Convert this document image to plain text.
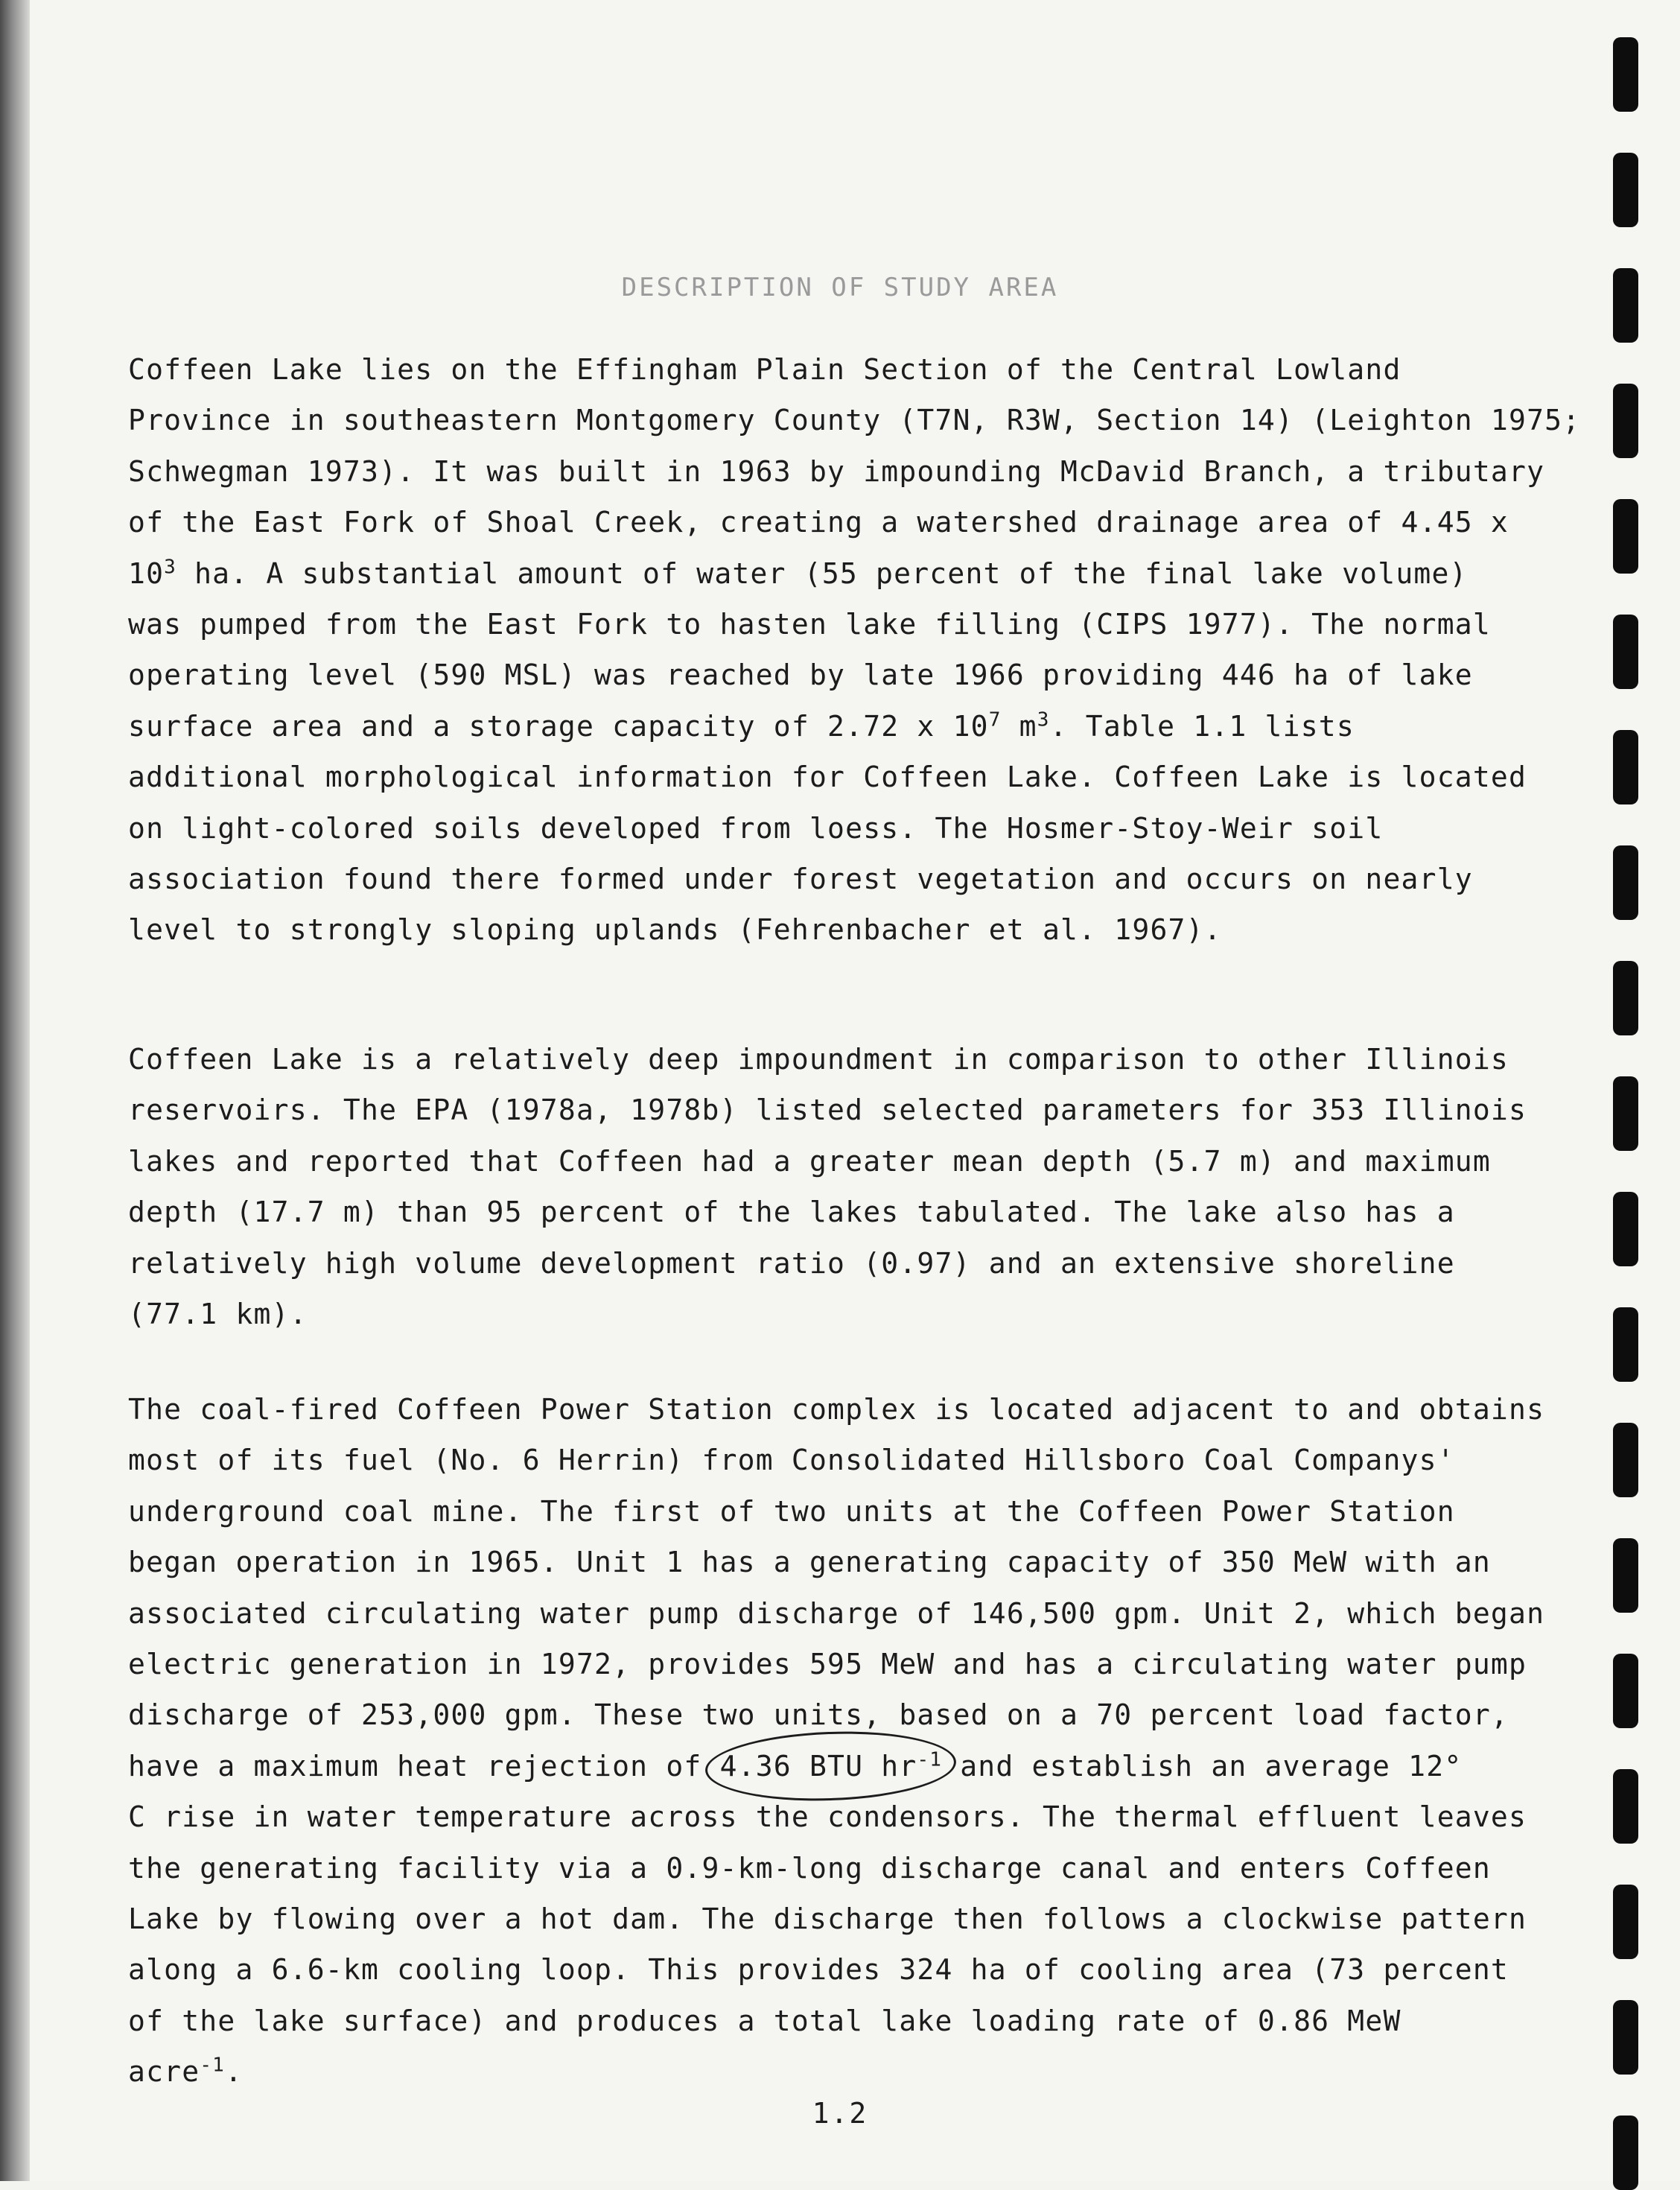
DESCRIPTION OF STUDY AREA

Coffeen Lake lies on the Effingham Plain Section of the Central Lowland
Province in southeastern Montgomery County (T7N, R3W, Section 14) (Leighton 1975;
Schwegman 1973). It was built in 1963 by impounding McDavid Branch, a tributary
of the East Fork of Shoal Creek, creating a watershed drainage area of 4.45 x
$10^3$ ha. A substantial amount of water (55 percent of the final lake volume)
was pumped from the East Fork to hasten lake filling (CIPS 1977). The normal
operating level (590 MSL) was reached by late 1966 providing 446 ha of lake
surface area and a storage capacity of 2.72 x $10^7$ $m^3$. Table 1.1 lists
additional morphological information for Coffeen Lake. Coffeen Lake is located
on light-colored soils developed from loess. The Hosmer-Stoy-Weir soil
association found there formed under forest vegetation and occurs on nearly
level to strongly sloping uplands (Fehrenbacher et al. 1967).

Coffeen Lake is a relatively deep impoundment in comparison to other Illinois
reservoirs. The EPA (1978a, 1978b) listed selected parameters for 353 Illinois
lakes and reported that Coffeen had a greater mean depth (5.7 m) and maximum
depth (17.7 m) than 95 percent of the lakes tabulated. The lake also has a
relatively high volume development ratio (0.97) and an extensive shoreline
(77.1 km).

The coal-fired Coffeen Power Station complex is located adjacent to and obtains
most of its fuel (No. 6 Herrin) from Consolidated Hillsboro Coal Companys'
underground coal mine. The first of two units at the Coffeen Power Station
began operation in 1965. Unit 1 has a generating capacity of 350 MeW with an
associated circulating water pump discharge of 146,500 gpm. Unit 2, which began
electric generation in 1972, provides 595 MeW and has a circulating water pump
discharge of 253,000 gpm. These two units, based on a 70 percent load factor,
have a maximum heat rejection of 4.36 BTU $hr^{-1}$ and establish an average 12°
C rise in water temperature across the condensors. The thermal effluent leaves
the generating facility via a 0.9-km-long discharge canal and enters Coffeen
Lake by flowing over a hot dam. The discharge then follows a clockwise pattern
along a 6.6-km cooling loop. This provides 324 ha of cooling area (73 percent
of the lake surface) and produces a total lake loading rate of 0.86 MeW
acre$^{-1}$.

1.2
